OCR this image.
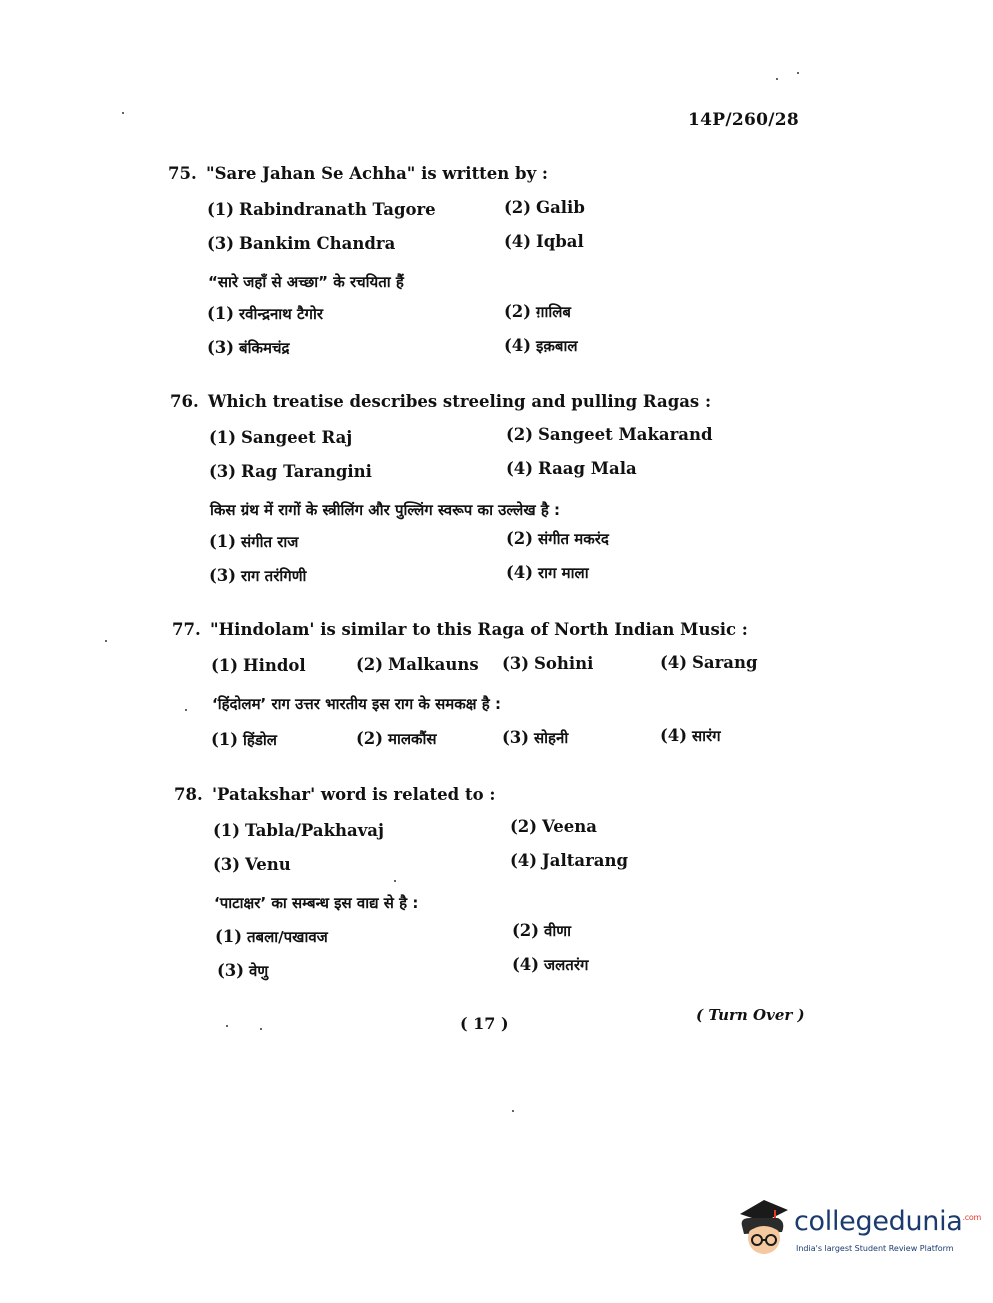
14P/260/28
75. "Sare Jahan Se Achha" is written by :
(1) Rabindranath Tagore	(2) Galib
(3) Bankim Chandra	(4) Iqbal
“सारे जहाँ से अच्छा” के रचयिता हैं
(1) रवीन्द्रनाथ टैगोर	(2) ग़ालिब
(3) बंकिमचंद्र	(4) इक़बाल
76. Which treatise describes streeling and pulling Ragas :
(1) Sangeet Raj	(2) Sangeet Makarand
(3) Rag Tarangini	(4) Raag Mala
किस ग्रंथ में रागों के स्त्रीलिंग और पुल्लिंग स्वरूप का उल्लेख है :
(1) संगीत राज	(2) संगीत मकरंद
(3) राग तरंगिणी	(4) राग माला
77. "Hindolam' is similar to this Raga of North Indian Music :
(1) Hindol	(2) Malkauns (3) Sohini	(4) Sarang
‘हिंदोलम’ राग उत्तर भारतीय इस राग के समकक्ष है :
(1) हिंडोल	(2) मालकौंस	(3) सोहनी	(4) सारंग
78. 'Patakshar' word is related to :
(1) Tabla/Pakhavaj	(2) Veena
(3) Venu	(4) Jaltarang
‘पाटाक्षर’ का सम्बन्ध इस वाद्य से है :
(1) तबला/पखावज	(2) वीणा
(3) वेणु	(4) जलतरंग
( 17 )	( Turn Over )
collegedunia$^{.com}$
India's largest Student Review Platform
